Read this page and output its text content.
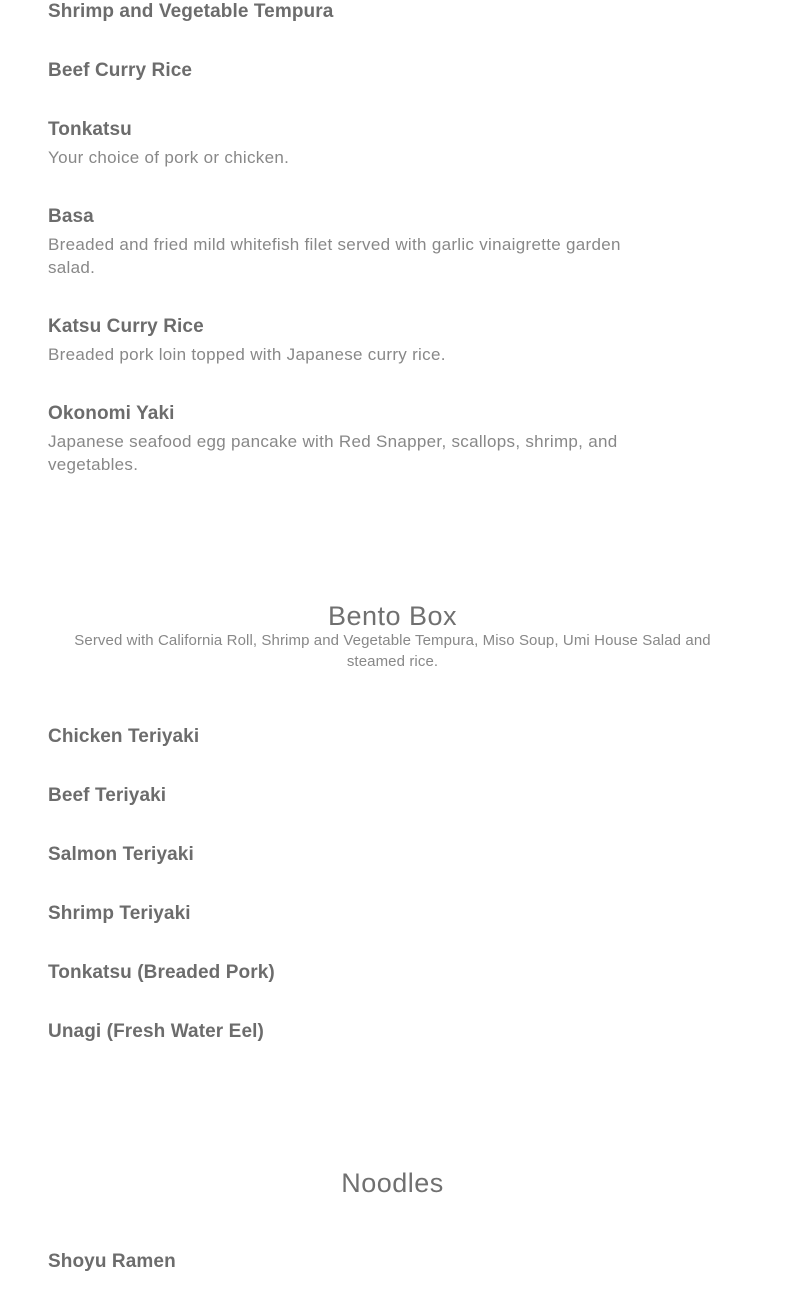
Shrimp and Vegetable Tempura
Beef Curry Rice
Tonkatsu

Your choice of pork or chicken.

Basa

Breaded and fried mild whitefish filet served with garlic vinaigrette garden salad.

Katsu Curry Rice

Breaded pork loin topped with Japanese curry rice.

Okonomi Yaki

Japanese seafood egg pancake with Red Snapper, scallops, shrimp, and vegetables.

Bento Box

Served with California Roll, Shrimp and Vegetable Tempura, Miso Soup, Umi House Salad and steamed rice.

Chicken Teriyaki
Beef Teriyaki
Salmon Teriyaki
Shrimp Teriyaki
Tonkatsu (Breaded Pork)
Unagi (Fresh Water Eel)
Noodles
Shoyu Ramen
